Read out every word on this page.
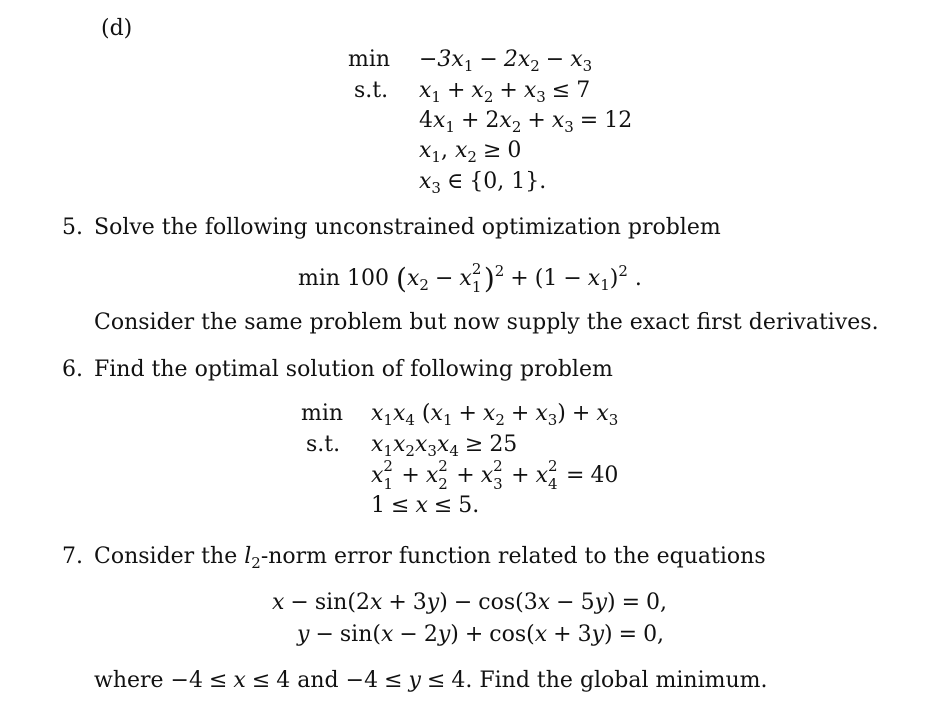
(d)
min
s.t.
$-3x_1 - 2x_2 - x_3$
$x_1 + x_2 + x_3 \le 7$
$4x_1 + 2x_2 + x_3 = 12$
$x_1$, $x_2 \ge 0$
$x_3$ ∈ {0, 1}.
5. Solve the following unconstrained optimization problem
min 100 ($x_2 - x$ 2
1 )$^2 + (1 - x_1)^2$ .
Consider the same problem but now supply the exact first derivatives.
6. Find the optimal solution of following problem
min
s.t.
$x_1x_4$ $(x_1 + x_2 + x_3) + x_3$
$x_1x_2x_3x_4 \ge 25$
x 2
1 + x 2
2 + x 2
3 + x 2
4 = 40
1 ≤ x ≤ 5.
7. Consider the $l_2$-norm error function related to the equations
x − sin(2x + 3y) − cos(3x − 5y) = 0,
y − sin(x − 2y) + cos(x + 3y) = 0,
where −4 ≤ x ≤ 4 and −4 ≤ y ≤ 4. Find the global minimum.
